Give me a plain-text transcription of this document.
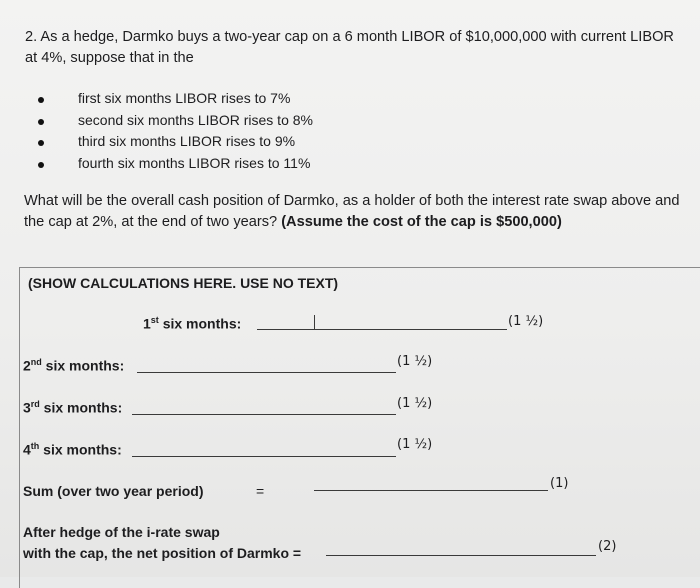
2. As a hedge, Darmko buys a two-year cap on a 6 month LIBOR of $10,000,000 with current LIBOR at 4%, suppose that in the
first six months LIBOR rises to 7%
second six months LIBOR rises to 8%
third six months LIBOR rises to 9%
fourth six months LIBOR rises to 11%
What will be the overall cash position of Darmko, as a holder of both the interest rate swap above and the cap at 2%, at the end of two years? (Assume the cost of the cap is $500,000)
(SHOW CALCULATIONS HERE. USE NO TEXT)
1st six months:	(1 ½)
2nd six months:	(1 ½)
3rd six months:	(1 ½)
4th six months:	(1 ½)
Sum (over two year period)	=	(1)
After hedge of the i-rate swap
with the cap, the net position of Darmko =	(2)
